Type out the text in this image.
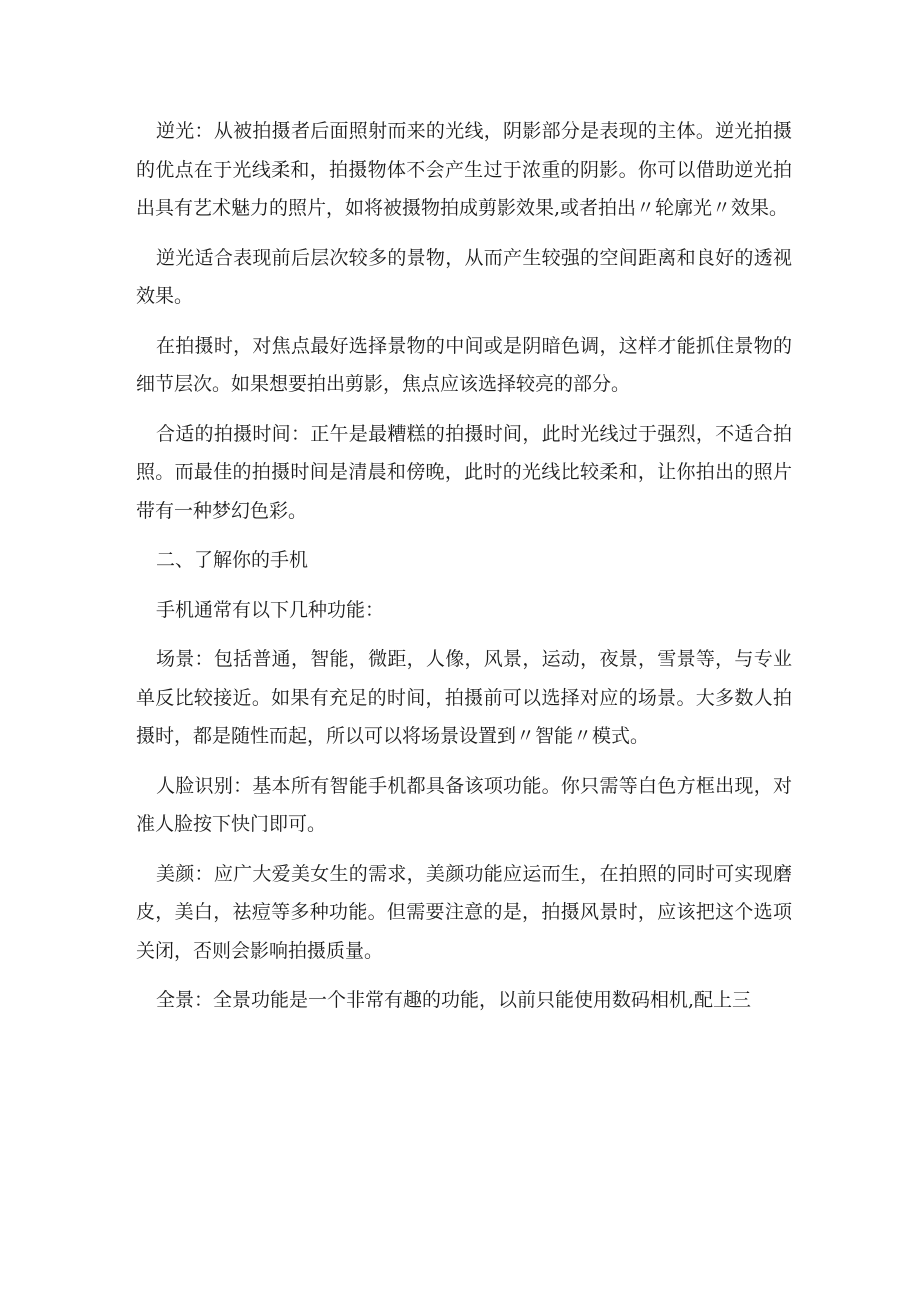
逆光：从被拍摄者后面照射而来的光线，阴影部分是表现的主体。逆光拍摄的优点在于光线柔和，拍摄物体不会产生过于浓重的阴影。你可以借助逆光拍出具有艺术魅力的照片，如将被摄物拍成剪影效果,或者拍出〃轮廓光〃效果。

逆光适合表现前后层次较多的景物，从而产生较强的空间距离和良好的透视效果。

在拍摄时，对焦点最好选择景物的中间或是阴暗色调，这样才能抓住景物的细节层次。如果想要拍出剪影，焦点应该选择较亮的部分。

合适的拍摄时间：正午是最糟糕的拍摄时间，此时光线过于强烈，不适合拍照。而最佳的拍摄时间是清晨和傍晚，此时的光线比较柔和，让你拍出的照片带有一种梦幻色彩。

二、了解你的手机

手机通常有以下几种功能：

场景：包括普通，智能，微距，人像，风景，运动，夜景，雪景等，与专业单反比较接近。如果有充足的时间，拍摄前可以选择对应的场景。大多数人拍摄时，都是随性而起，所以可以将场景设置到〃智能〃模式。

人脸识别：基本所有智能手机都具备该项功能。你只需等白色方框出现，对准人脸按下快门即可。

美颜：应广大爱美女生的需求，美颜功能应运而生，在拍照的同时可实现磨皮，美白，祛痘等多种功能。但需要注意的是，拍摄风景时，应该把这个选项关闭，否则会影响拍摄质量。

全景：全景功能是一个非常有趣的功能，以前只能使用数码相机,配上三
